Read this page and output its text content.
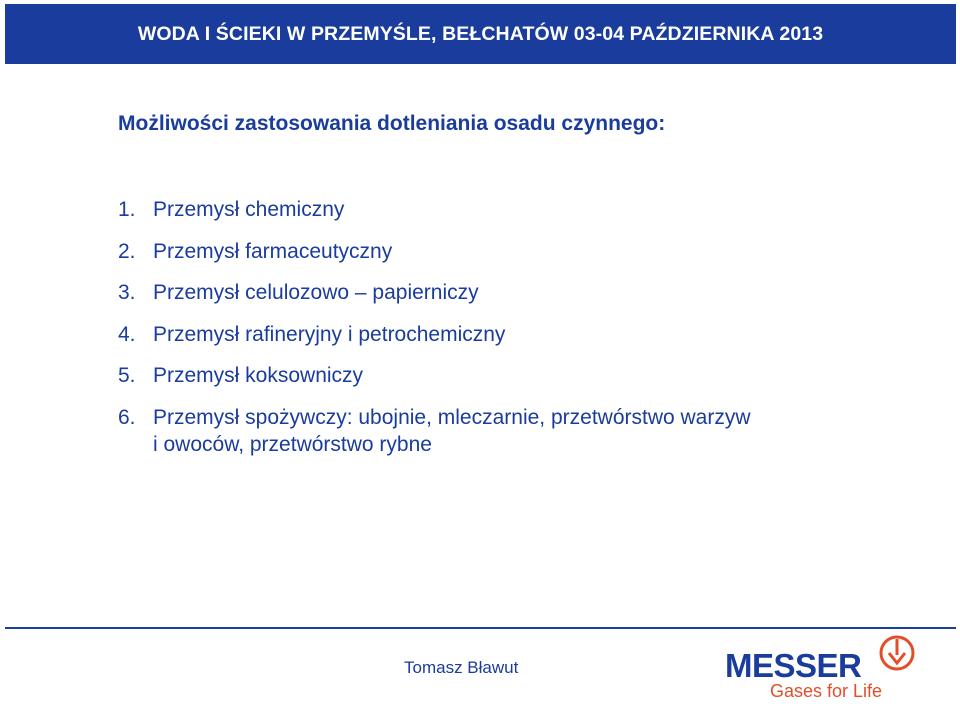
WODA I ŚCIEKI W PRZEMYŚLE, BEŁCHATÓW 03-04 PAŹDZIERNIKA 2013
Możliwości zastosowania dotleniania osadu czynnego:
1. Przemysł chemiczny
2. Przemysł farmaceutyczny
3. Przemysł celulozowo – papierniczy
4. Przemysł rafineryjny i petrochemiczny
5. Przemysł koksowniczy
6. Przemysł spożywczy: ubojnie, mleczarnie, przetwórstwo warzyw i owoców, przetwórstwo rybne
Tomasz Bławut	MESSER
Gases for Life
